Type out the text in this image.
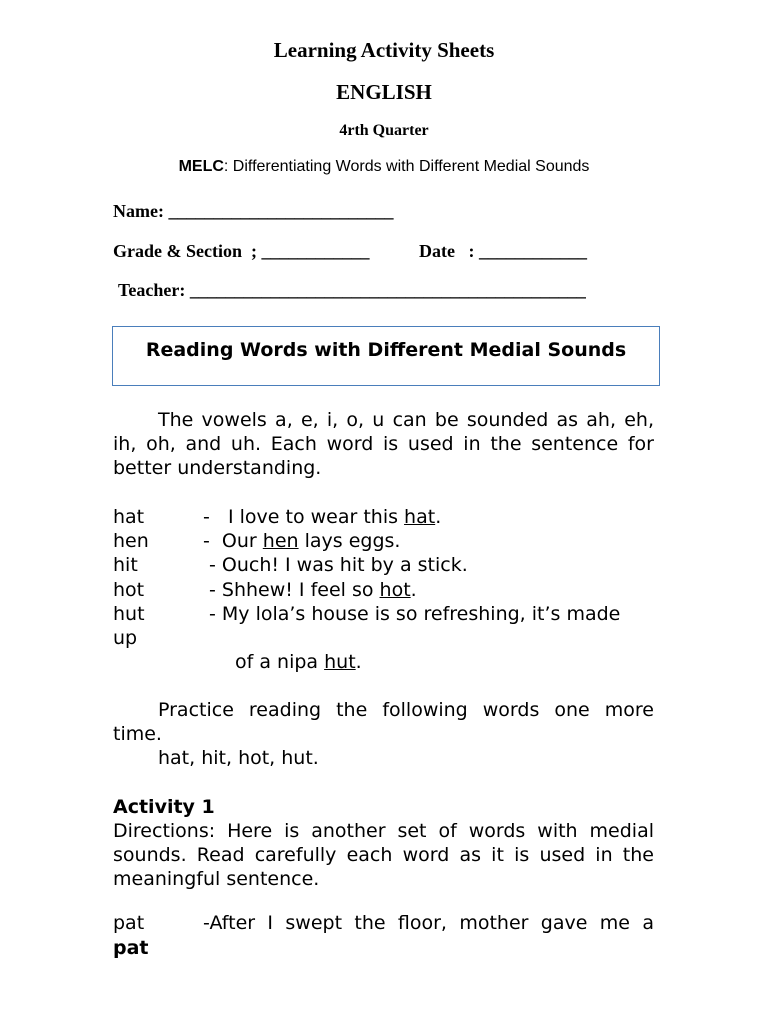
Learning Activity Sheets
ENGLISH
4rth Quarter
MELC: Differentiating Words with Different Medial Sounds
Name: _________________________
Grade & Section  ; ____________	Date   : ____________
Teacher: ____________________________________________
Reading Words with Different Medial Sounds
The vowels a, e, i, o, u can be sounded as ah, eh, ih, oh, and uh. Each word is used in the sentence for better understanding.
hat	-   I love to wear this hat.
hen	-  Our hen lays eggs.
hit	- Ouch! I was hit by a stick.
hot	- Shhew! I feel so hot.
hut	- My lola’s house is so refreshing, it’s made
up
of a nipa hut.
Practice reading the following words one more time.
hat, hit, hot, hut.
Activity 1
Directions: Here is another set of words with medial sounds. Read carefully each word as it is used in the meaningful sentence.
pat	-After I swept the floor, mother gave me a
pat
